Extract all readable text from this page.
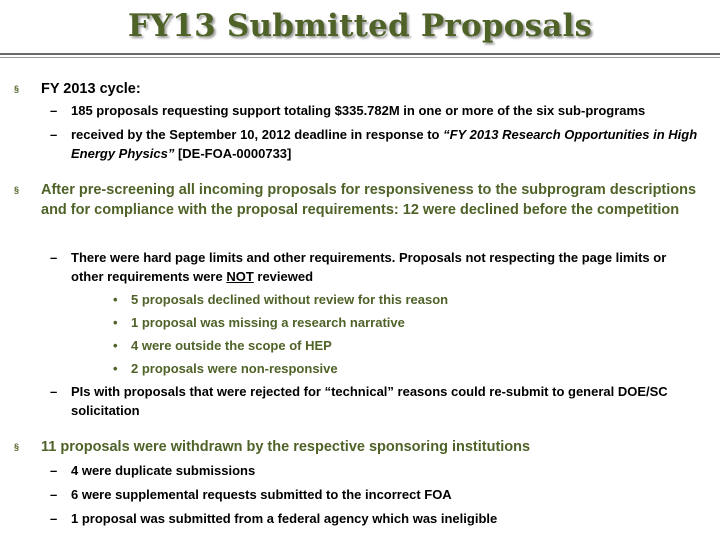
FY13 Submitted Proposals
§ FY 2013 cycle:
– 185 proposals requesting support totaling $335.782M in one or more of the six sub-programs
– received by the September 10, 2012 deadline in response to “FY 2013 Research Opportunities in High Energy Physics” [DE-FOA-0000733]
§ After pre-screening all incoming proposals for responsiveness to the subprogram descriptions and for compliance with the proposal requirements: 12 were declined before the competition
– There were hard page limits and other requirements. Proposals not respecting the page limits or other requirements were NOT reviewed
• 5 proposals declined without review for this reason
• 1 proposal was missing a research narrative
• 4 were outside the scope of HEP
• 2 proposals were non-responsive
– PIs with proposals that were rejected for “technical” reasons could re-submit to general DOE/SC solicitation
§ 11 proposals were withdrawn by the respective sponsoring institutions
– 4 were duplicate submissions
– 6 were supplemental requests submitted to the incorrect FOA
– 1 proposal was submitted from a federal agency which was ineligible
